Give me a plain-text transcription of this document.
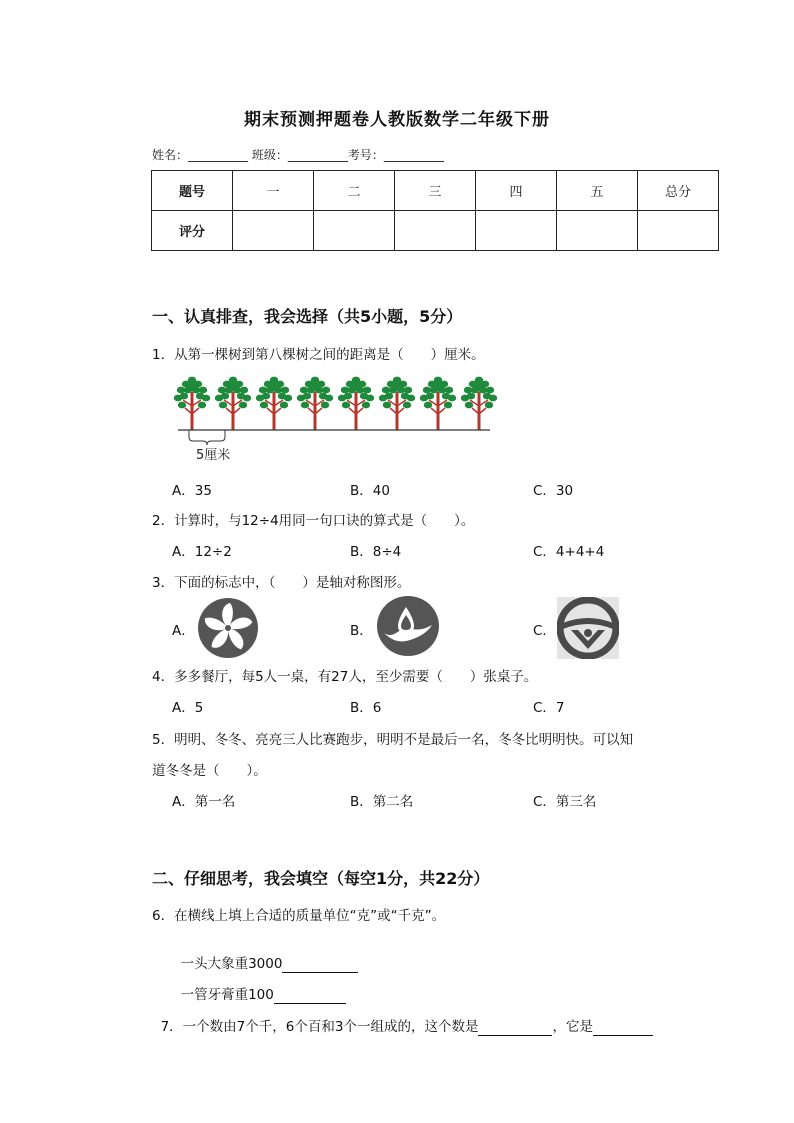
期末预测押题卷人教版数学二年级下册
姓名：__________ 班级：__________考号：__________
题号	一	二	三	四	五	总分
评分						
一、认真排查，我会选择（共5小题，5分）
1．从第一棵树到第八棵树之间的距离是（　　）厘米。
5厘米
A．35	B．40	C．30
2．计算时，与12÷4用同一句口诀的算式是（　　）。
A．12÷2	B．8÷4	C．4+4+4
3．下面的标志中，（　　）是轴对称图形。
A．	B．	C．
4．多多餐厅，每5人一桌，有27人，至少需要（　　）张桌子。
A．5	B．6	C．7
5．明明、冬冬、亮亮三人比赛跑步，明明不是最后一名，冬冬比明明快。可以知
道冬冬是（　　）。
A．第一名	B．第二名	C．第三名
二、仔细思考，我会填空（每空1分，共22分）
6．在横线上填上合适的质量单位“克”或“千克”。

一头大象重3000

一管牙膏重100

7．一个数由7个千，6个百和3个一组成的，这个数是	，它是
